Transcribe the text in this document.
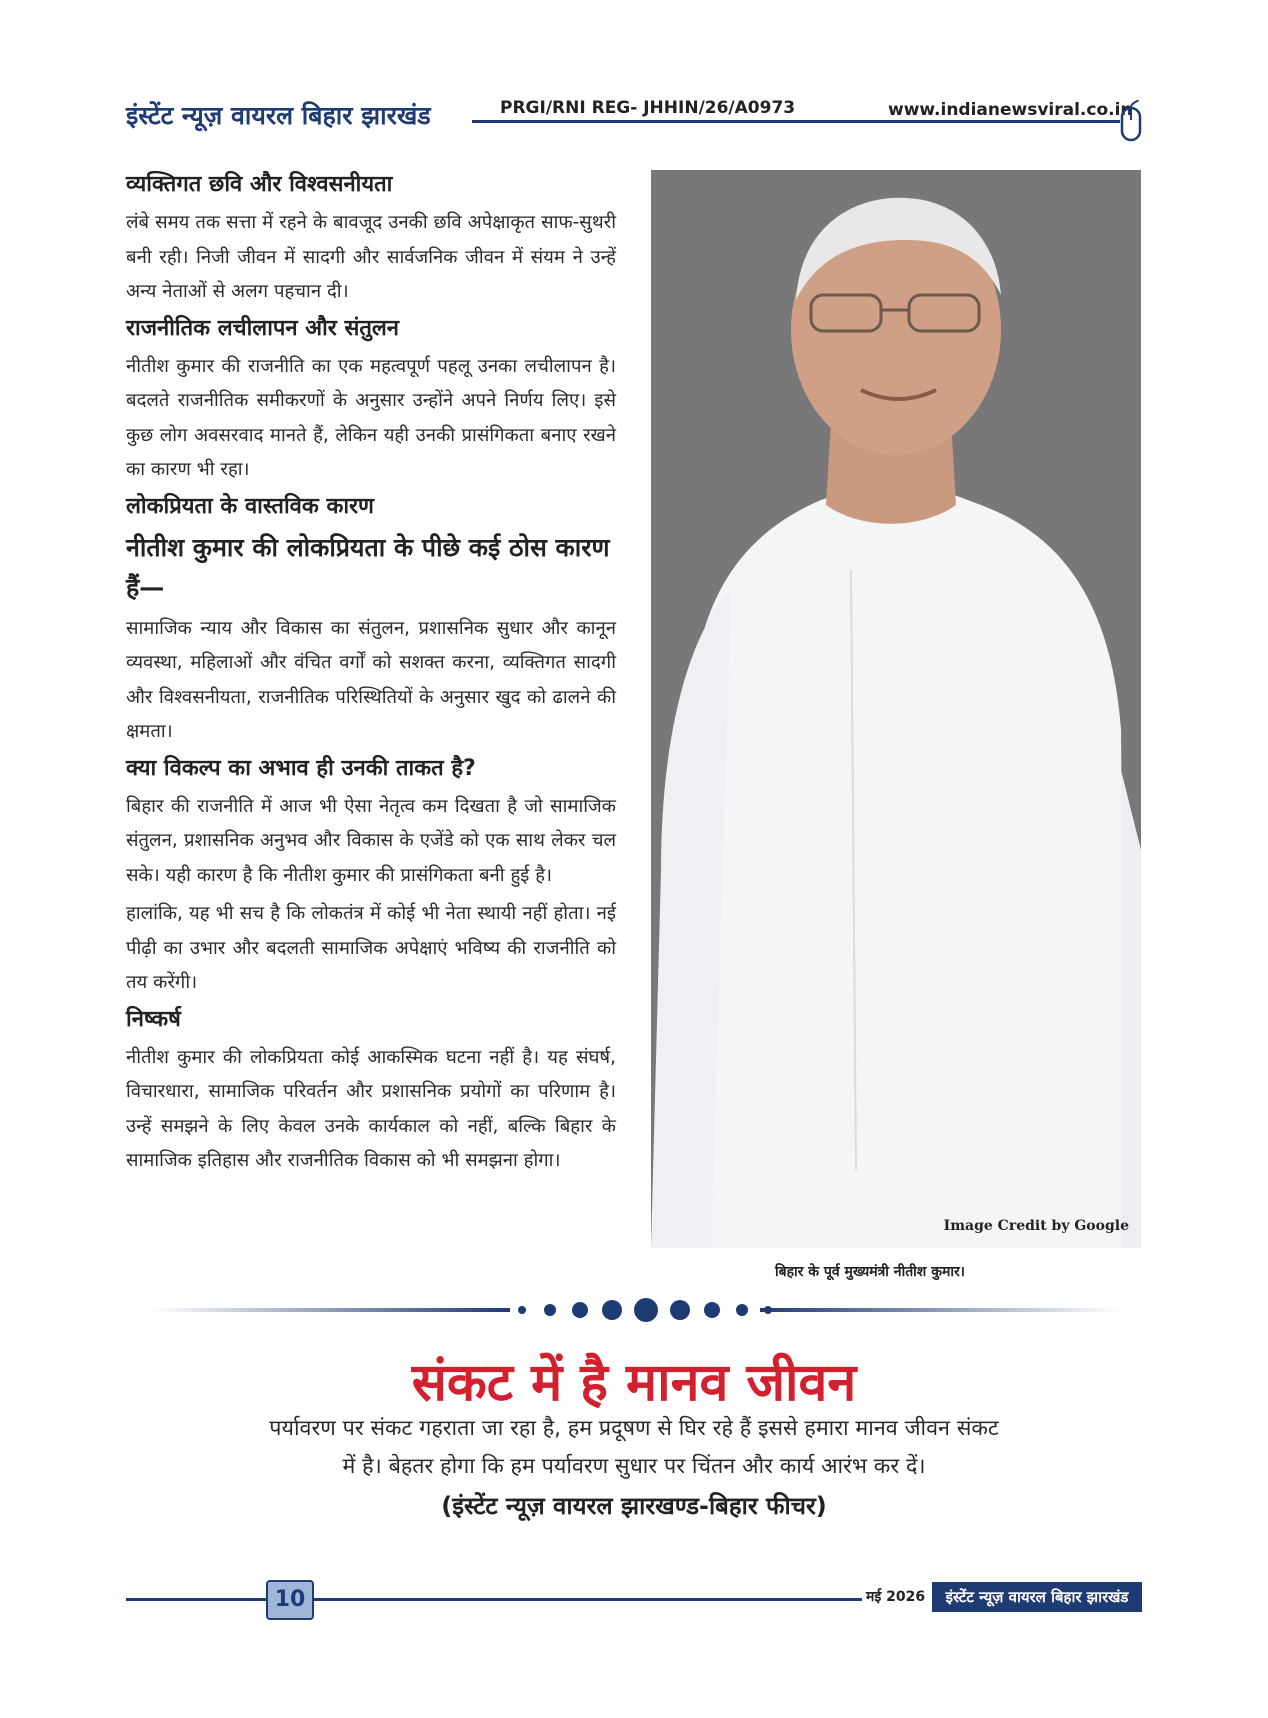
इंस्टेंट न्यूज़ वायरल बिहार झारखंड	PRGI/RNI REG- JHHIN/26/A0973	www.indianewsviral.co.in
व्यक्तिगत छवि और विश्वसनीयता
लंबे समय तक सत्ता में रहने के बावजूद उनकी छवि अपेक्षाकृत साफ-सुथरी बनी रही। निजी जीवन में सादगी और सार्वजनिक जीवन में संयम ने उन्हें अन्य नेताओं से अलग पहचान दी।
राजनीतिक लचीलापन और संतुलन
नीतीश कुमार की राजनीति का एक महत्वपूर्ण पहलू उनका लचीलापन है। बदलते राजनीतिक समीकरणों के अनुसार उन्होंने अपने निर्णय लिए। इसे कुछ लोग अवसरवाद मानते हैं, लेकिन यही उनकी प्रासंगिकता बनाए रखने का कारण भी रहा।
लोकप्रियता के वास्तविक कारण
नीतीश कुमार की लोकप्रियता के पीछे कई ठोस कारण हैं—
सामाजिक न्याय और विकास का संतुलन, प्रशासनिक सुधार और कानून व्यवस्था, महिलाओं और वंचित वर्गों को सशक्त करना, व्यक्तिगत सादगी और विश्वसनीयता, राजनीतिक परिस्थितियों के अनुसार खुद को ढालने की क्षमता।
क्या विकल्प का अभाव ही उनकी ताकत है?
बिहार की राजनीति में आज भी ऐसा नेतृत्व कम दिखता है जो सामाजिक संतुलन, प्रशासनिक अनुभव और विकास के एजेंडे को एक साथ लेकर चल सके। यही कारण है कि नीतीश कुमार की प्रासंगिकता बनी हुई है।
हालांकि, यह भी सच है कि लोकतंत्र में कोई भी नेता स्थायी नहीं होता। नई पीढ़ी का उभार और बदलती सामाजिक अपेक्षाएं भविष्य की राजनीति को तय करेंगी।
निष्कर्ष
नीतीश कुमार की लोकप्रियता कोई आकस्मिक घटना नहीं है। यह संघर्ष, विचारधारा, सामाजिक परिवर्तन और प्रशासनिक प्रयोगों का परिणाम है। उन्हें समझने के लिए केवल उनके कार्यकाल को नहीं, बल्कि बिहार के सामाजिक इतिहास और राजनीतिक विकास को भी समझना होगा।
Image Credit by Google
बिहार के पूर्व मुख्यमंत्री नीतीश कुमार।
संकट में है मानव जीवन
पर्यावरण पर संकट गहराता जा रहा है, हम प्रदूषण से घिर रहे हैं इससे हमारा मानव जीवन संकट
में है। बेहतर होगा कि हम पर्यावरण सुधार पर चिंतन और कार्य आरंभ कर दें।
(इंस्टेंट न्यूज़ वायरल झारखण्ड-बिहार फीचर)
10	मई 2026	इंस्टेंट न्यूज़ वायरल बिहार झारखंड
